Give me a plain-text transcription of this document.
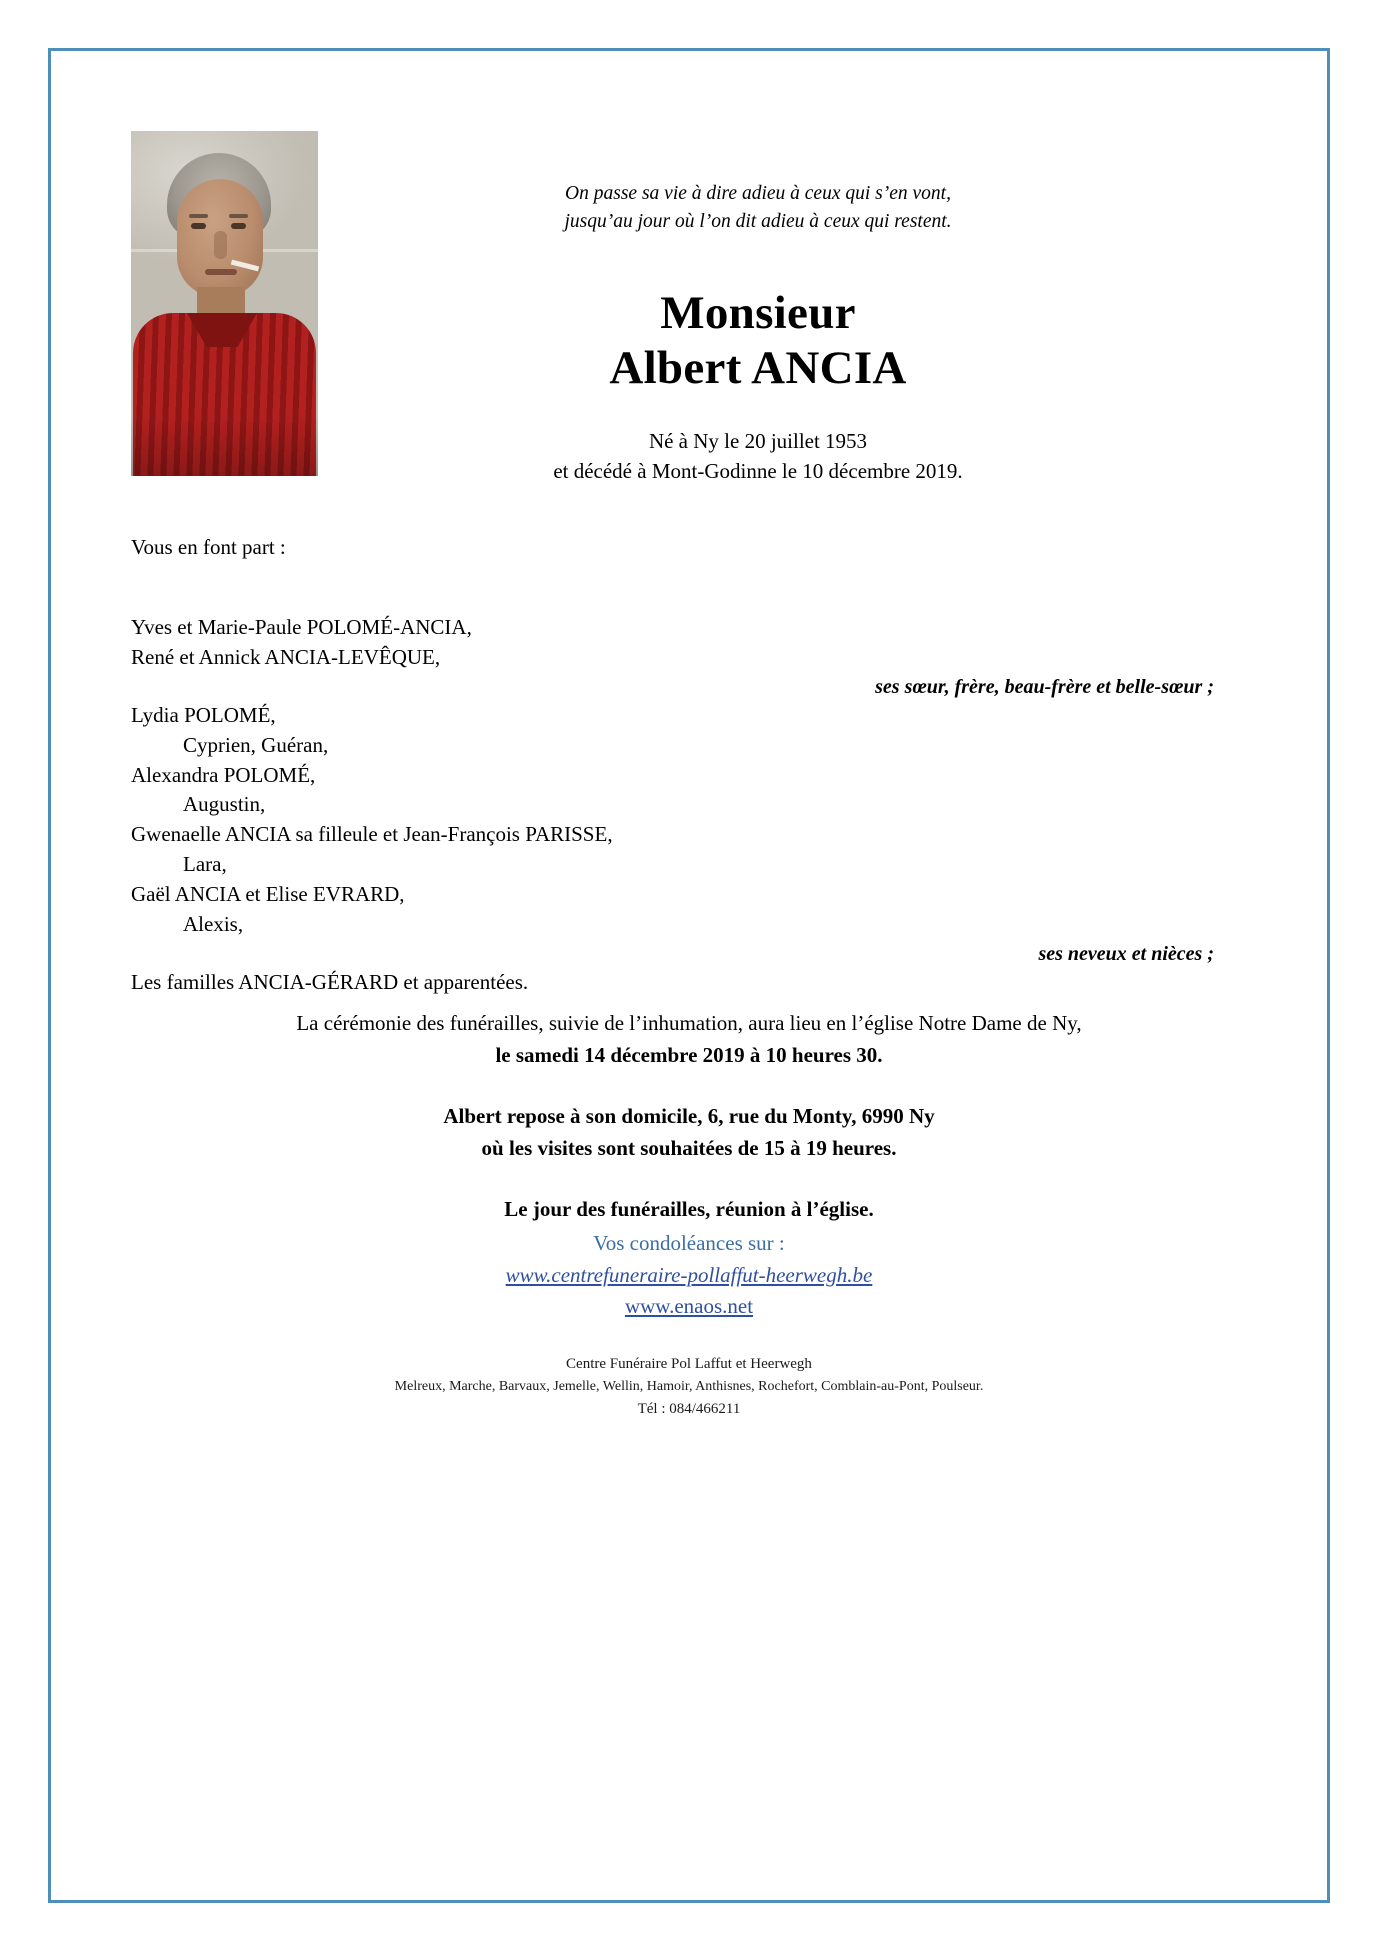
On passe sa vie à dire adieu à ceux qui s’en vont,
jusqu’au jour où l’on dit adieu à ceux qui restent.
Monsieur
Albert ANCIA
Né à Ny le 20 juillet 1953
et décédé à Mont-Godinne le 10 décembre 2019.
Vous en font part :
Yves et Marie-Paule POLOMÉ-ANCIA,
René et Annick ANCIA-LEVÊQUE,
ses sœur, frère, beau-frère et belle-sœur ;
Lydia POLOMÉ,
Cyprien, Guéran,
Alexandra POLOMÉ,
Augustin,
Gwenaelle ANCIA sa filleule et Jean-François PARISSE,
Lara,
Gaël ANCIA et Elise EVRARD,
Alexis,
ses neveux et nièces ;
Les familles ANCIA-GÉRARD et apparentées.
La cérémonie des funérailles, suivie de l’inhumation, aura lieu en l’église Notre Dame de Ny,
le samedi 14 décembre 2019 à 10 heures 30.
Albert repose à son domicile, 6, rue du Monty, 6990 Ny
où les visites sont souhaitées de 15 à 19 heures.
Le jour des funérailles, réunion à l’église.
Vos condoléances sur :
www.centrefuneraire-pollaffut-heerwegh.be
www.enaos.net
Centre Funéraire Pol Laffut et Heerwegh
Melreux, Marche, Barvaux, Jemelle, Wellin, Hamoir, Anthisnes, Rochefort, Comblain-au-Pont, Poulseur.
Tél : 084/466211
